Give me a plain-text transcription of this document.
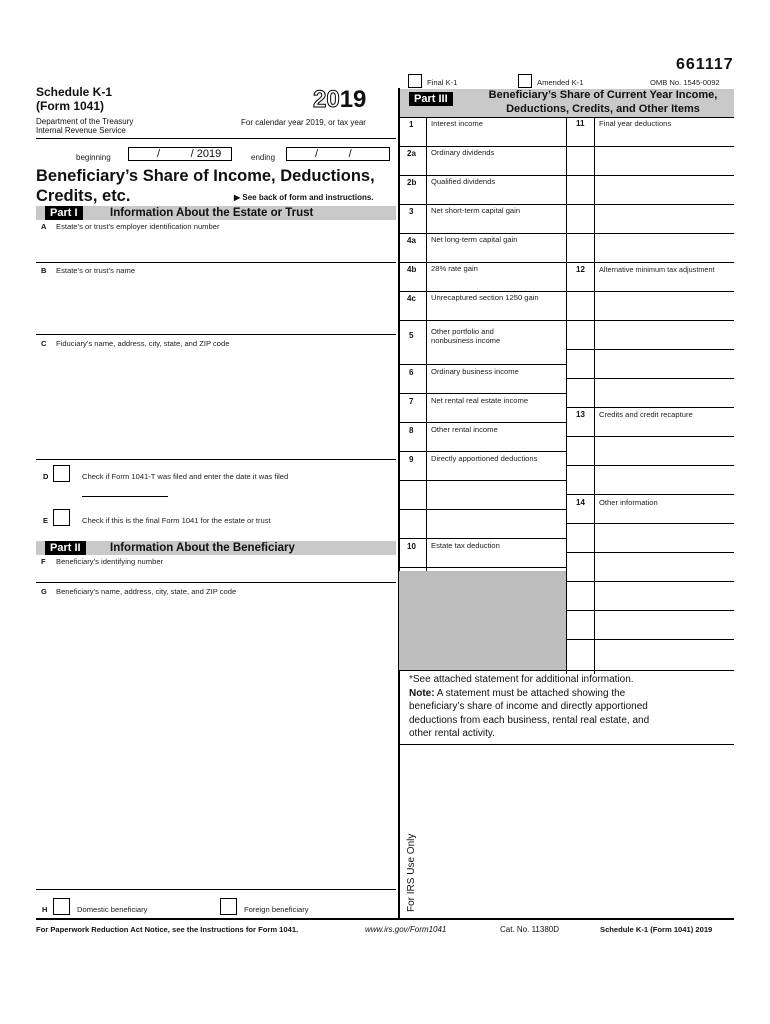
661117
Schedule K-1
(Form 1041)	2019
Department of the Treasury
Internal Revenue Service
For calendar year 2019, or tax year
beginning	/          / 2019	ending	/          /
Beneficiary’s Share of Income, Deductions,
Credits, etc.	▶ See back of form and instructions.
Final K-1	Amended K-1	OMB No. 1545-0092
Part I	Information About the Estate or Trust
A Estate’s or trust’s employer identification number
B Estate’s or trust’s name
C Fiduciary’s name, address, city, state, and ZIP code
D	Check if Form 1041-T was filed and enter the date it was filed
E	Check if this is the final Form 1041 for the estate or trust
Part II	Information About the Beneficiary
F Beneficiary’s identifying number
G Beneficiary’s name, address, city, state, and ZIP code
H	Domestic beneficiary	Foreign beneficiary
Part III	Beneficiary’s Share of Current Year Income,
Deductions, Credits, and Other Items
1 Interest income
2a Ordinary dividends
2b Qualified dividends
3 Net short-term capital gain
4a Net long-term capital gain
4b 28% rate gain
4c Unrecaptured section 1250 gain
5 Other portfolio and
nonbusiness income
6 Ordinary business income
7 Net rental real estate income
8 Other rental income
9 Directly apportioned deductions
10 Estate tax deduction
11 Final year deductions
12 Alternative minimum tax adjustment
13 Credits and credit recapture
14 Other information
*See attached statement for additional information.
Note: A statement must be attached showing the
beneficiary’s share of income and directly apportioned
deductions from each business, rental real estate, and
other rental activity.
For IRS Use Only
For Paperwork Reduction Act Notice, see the Instructions for Form 1041.	www.irs.gov/Form1041	Cat. No. 11380D	Schedule K-1 (Form 1041) 2019
